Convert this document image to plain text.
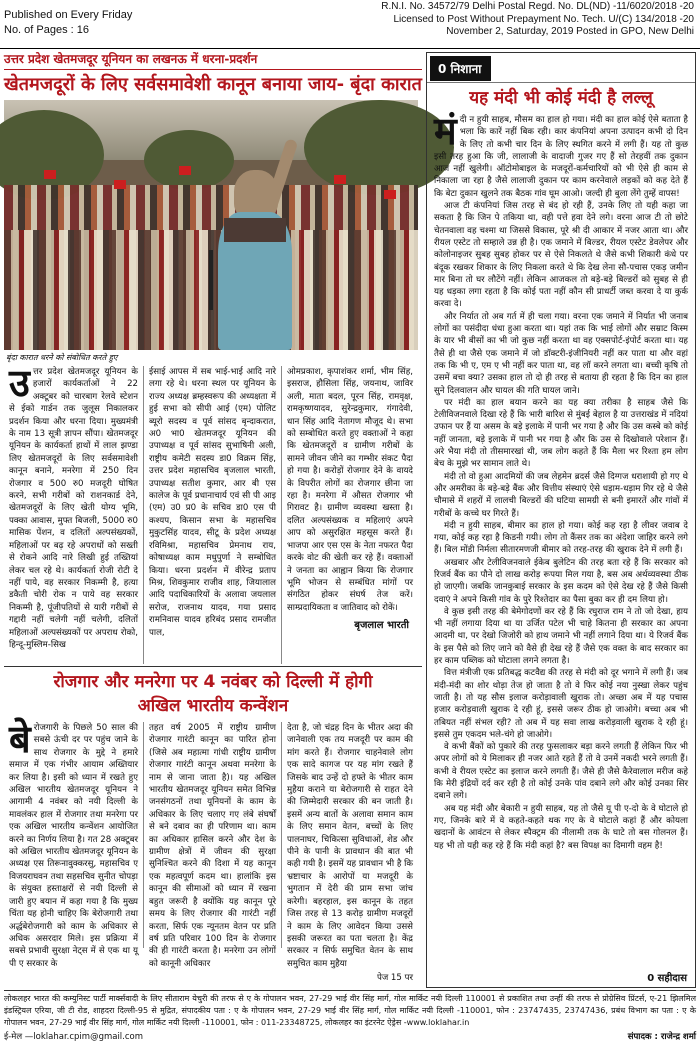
Published on Every Friday
No. of Pages : 16
R.N.I. No. 34572/79 Delhi Postal Regd. No. DL(ND) -11/6020/2018 -20
Licensed to Post Without Prepayment No. Tech. U/(C) 134/2018 -20
November 2, Saturday, 2019 Posted in GPO, New Delhi
उत्तर प्रदेश खेतमजदूर यूनियन का लखनऊ में धरना-प्रदर्शन
खेतमजदूरों के लिए सर्वसमावेशी कानून बनाया जाय- बृंदा कारात
बृंदा कारात धरने को संबोधित करते हुए
उत्तर प्रदेश खेतमजदूर यूनियन के हजारों कार्यकर्ताओं ने 22 अक्टूबर को चारबाग रेलवे स्टेशन से ईको गार्डन तक जुलूस निकालकर प्रदर्शन किया और धरना दिया। मुख्यमंत्री के नाम 13 सूत्री ज्ञापन सौंपा। खेतमजदूर यूनियन के कार्यकर्ता हाथों में लाल झण्डा लिए खेतमजदूरों के लिए सर्वसमावेशी कानून बनाने, मनरेगा में 250 दिन रोजगार व 500 रु0 मजदूरी घोषित करने, सभी गरीबों को राशनकार्ड देने, खेतमजदूरों के लिए खेती योग्य भूमि, पक्का आवास, मुफ्त बिजली, 5000 रु0 मासिक पेंशन, व दलितों अल्पसंख्यकों, महिलाओं पर बढ़ रहे अपराधों को सख्ती से रोकने आदि नारे लिखी हुई तख्तियां लेकर चल रहे थे। कार्यकर्ता रोजी रोटी दे नहीं पाये, वह सरकार निकम्मी है, हत्या डकैती चोरी रोक न पाये वह सरकार निकम्मी है, पूंजीपतियों से यारी गरीबों से गद्दारी नहीं चलेगी नहीं चलेगी, दलितों महिलाओं अल्पसंख्यकों पर अपराध रोको, हिन्दू-मुस्लिम-सिख
ईसाई आपस में सब भाई-भाई आदि नारे लगा रहे थे। धरना स्थल पर यूनियन के राज्य अध्यक्ष ब्रम्हस्वरूप की अध्यक्षता में हुई सभा को सीपी आई (एम) पोलिट ब्यूरो सदस्य व पूर्व सांसद बृन्दाकरात, अ0 भा0 खेतमजदूर यूनियन की उपाध्यक्ष व पूर्व सांसद सुभाषिनी अली, राष्ट्रीय कमेटी सदस्य डा0 विक्रम सिंह, उत्तर प्रदेश महासचिव बृजलाल भारती, उपाध्यक्ष सतीश कुमार, आर बी एस कालेज के पूर्व प्रधानाचार्य एवं सी पी आइ (एम) उ0 प्र0 के सचिव डा0 एस पी कश्यप, किसान सभा के महासचिव मुकुटसिंह यादव, सीटू के प्रदेश अध्यक्ष रविमिश्रा, महासचिव प्रेमनाथ राय, कोषाध्यक्ष काम मधुपुर्णा ने सम्बोधित किया। धरना प्रदर्शन में वीरेन्द्र प्रताप मिश्र, शिवकुमार राजीव शाह, जियालाल आदि पदाधिकारियों के अलावा जयलाल सरोज, राजनाथ यादव, गया प्रसाद रामनिवास यादव हरिबंद प्रसाद रामजीत पाल,
ओमप्रकाश, कृपाशंकर शर्मा, भीम सिंह, इसराज, हौसिला सिंह, जयनाथ, जाविर अली, माता बदल, पूरन सिंह, रामवृक्ष, रामकृष्णयादव, सुरेन्द्रकुमार, गंगादेवी, धान सिंह आदि नेतागण मौजूद थे। सभा को सम्बोधित करते हुए वक्ताओं ने कहा कि खेतमजदूरों व ग्रामीण गरीबों के सामने जीवन जीने का गम्भीर संकट पैदा हो गया है। करोड़ों रोजगार देने के वायदे के विपरीत लोगों का रोजगार छीना जा रहा है। मनरेगा में औसत रोजगार भी गिरावट है। ग्रामीण व्यवस्था खस्ता है। दलित अल्पसंख्यक व महिलाएं अपने आप को असुरक्षित महसूस करते हैं। भाजपा आर एस एस के नेता नफरत पैदा करके वोट की खेती कर रहे हैं। वक्ताओं ने जनता का आह्वान किया कि रोजगार भूमि भोजन से सम्बंधित मांगों पर संगठित होकर संघर्ष तेज करें। साम्प्रदायिकता व जातिवाद को रोकें।
बृजलाल भारती
रोजगार और मनरेगा पर 4 नवंबर को दिल्ली में होगी
अखिल भारतीय कन्वेंशन
बेरोजगारी के पिछले 50 साल की सबसे ऊंची दर पर पहुंच जाने के साथ रोजगार के मुद्दे ने हमारे समाज में एक गंभीर आयाम अख्तियार कर लिया है। इसी को ध्यान में रखते हुए अखिल भारतीय खेतमजदूर यूनियन ने आगामी 4 नवंबर को नयी दिल्ली के मावलंकर हाल में रोजगार तथा मनरेगा पर एक अखिल भारतीय कन्वेंशन आयोजित करने का निर्णय लिया है। गत 28 अक्टूबर को अखिल भारतीय खेतमजदूर यूनियन के अध्यक्ष एस तिरूनावुक्करसु, महासचिव ए विजयराघवन तथा सहसचिव सुनीत चोपड़ा के संयुक्त हस्ताक्षरों से नयी दिल्ली से जारी हुए बयान में कहा गया है कि मुख्य चिंता यह होनी चाहिए कि बेरोजगारी तथा अर्द्धबेरोजगारी को काम के अधिकार से अधिक असरदार मिले। इस प्रक्रिया में सबसे प्रभावी सुरक्षा नेट्स में से एक था यू पी ए सरकार के
तहत वर्ष 2005 में राष्ट्रीय ग्रामीण रोजगार गारंटी कानून का पारित होना (जिसे अब महात्मा गांधी राष्ट्रीय ग्रामीण रोजगार गारंटी कानून अथवा मनरेगा के नाम से जाना जाता है)। यह अखिल भारतीय खेतमजदूर यूनियन समेत विभिन्न जनसंगठनों तथा यूनियनों के काम के अधिकार के लिए चलाए गए लंबे संघर्षों से बने दबाव का ही परिणाम था। काम का अधिकार हासिल करने और देश के ग्रामीण क्षेत्रों में जीवन की सुरक्षा सुनिश्चित करने की दिशा में यह कानून एक महत्वपूर्ण कदम था। हालांकि इस कानून की सीमाओं को ध्यान में रखना बहुत जरूरी है क्योंकि यह कानून पूरे समय के लिए रोजगार की गारंटी नहीं करता, सिर्फ एक न्यूनतम वेतन पर प्रति वर्ष प्रति परिवार 100 दिन के रोजगार की ही गारंटी करता है। मनरेगा उन लोगों को कानूनी अधिकार
देता है, जो चंद्रह दिन के भीतर अदा की जानेवाली एक तय मजदूरी पर काम की मांग करते हैं। रोजगार चाहनेवाले लोग एक सादे कागज पर यह मांग रखते हैं जिसके बाद उन्हें दो हफ्ते के भीतर काम मुहैया कराने या बेरोजगारी से राहत देने की जिम्मेदारी सरकार की बन जाती है। इसमें अन्य बातों के अलावा समान काम के लिए समान वेतन, बच्चों के लिए पालनाघर, चिकित्सा सुविधाओं, शेड और पीने के पानी के प्रावधान की बात भी कही गयी है। इसमें यह प्रावधान भी है कि भ्रष्टाचार के आरोपों या मजदूरी के भुगतान में देरी की प्राम सभा जांच करेगी। बहरहाल, इस कानून के तहत जिस तरह से 13 करोड़ ग्रामीण मजदूरों ने काम के लिए आवेदन किया उससे इसकी जरूरत का पता चलता है। केंद्र सरकार न सिर्फ समुचित वेतन के साथ समुचित काम मुहैया
पेज 15 पर
0 निशाना
यह मंदी भी कोई मंदी है लल्लू

मंदी न हुयी साहब, मौसम का हाल हो गया। मंदी का हाल कोई ऐसे बताता है भला कि कारें नहीं बिक रही। कार कंपनियां अपना उत्पादन कभी दो दिन के लिए तो कभी चार दिन के लिए स्थगित करने में लगी हैं। यह तो कुछ इसी तरह हुआ कि जी, लालाजी के वादाजी गुजर गए हैं सो तेरहवीं तक दुकान आज नहीं खुलेगी। ऑटोमोबाइल के मजदूरों-कर्मचारियों को भी ऐसे ही काम से निकाला जा रहा है जैसे लालाजी दुकान पर काम करनेवाले लड़कों को कह देते हैं कि बेटा दुकान खुलने तक बैठक गांव घूम आओ। जल्दी ही बुला लेंगे तुम्हें वापस!

आज टी कंपनियां जिस तरह से बंद हो रही हैं, उनके लिए तो यही कहा जा सकता है कि जिन पे तकिया था, वही पत्ते हवा देने लगे। वरना आज टी तो छोटे चेतनवाला वह चश्मा था जिससे विकास, पूरे श्री दी आकार में नजर आता था। और रीयल एस्टेट तो सम्हाले उन्न ही है। एक जमाने में बिल्डर, रीयल एस्टेट डेवलेपर और कोलोनाइजर सुबह सुबह होकर पर से ऐसे निकलते थे जैसे कभी शिकारी कंधे पर बंदूक रखकर शिकार के लिए निकला करते थे कि देख लेना सौ-पचास एकड़ जमीन मार बिना तो घर लौटेंगे नहीं। लेकिन आजकल तो बड़े-बड़े बिल्डरों को सुबह से ही यह धड़का लगा रहता है कि कोई पता नहीं कौन सी प्राधर्टी जब्त करवा दे या कुर्क करवा दे।

और निर्यात तो अब गर्त में ही चला गया। वरना एक जमाने में निर्यात भी जनाब लोगों का पसंदीदा धंधा हुआ करता था। यहां तक कि भाई लोगों और सम्राट किस्म के यार भी बीसों का भी जो कुछ नहीं करता था वह एक्सपोर्ट-इंपोर्ट करता था। यह तैसे ही था जैसे एक जमाने में जो डॉक्टरी-इंजीनियरी नहीं कर पाता था और वहां तक कि भी ए, एम ए भी नहीं कर पाता था, वह लॉ करने लगता था। बच्ची कृषि तो उसमें बचा क्या? उसका हाल तो दो ही तरह से बताया ही रहता है कि दिन का हाल सुने दिलवालन और घायल की गति घायल जाने।

पर मंदी का हाल बयान करने का यह क्या तरीका है साहब जैसे कि टेलीविजनवाले दिखा रहे हैं कि भारी बारिश से मुंबई बेहाल है या उत्तराखंड में नदियां उफान पर हैं या असम के बड़े इलाके में पानी भर गया है और कि उस कस्बे को कोई नहीं जानता, बड़े इलाके में पानी भर गया है और कि उस से दिखोवाले परेशान हैं। अरे भैया मंदी तो तीसमारखां थी, जब लोग कहते हैं कि मैला भर रिश्ता हम लोग बेच के मुझे भर सामान लाते थे।

मंदी तो वो हुआ आदमियों की जब लेहमेन ब्रदर्स जैसे दिग्गज धराशायी हो गए थे और अमरीका के बड़े-बड़े बैंक और वित्तीय संस्थाएं ऐसे धड़ाम-धड़ाम गिर रहे थे जैसे चौमासे में शहरों में लालची बिल्डरों की घटिया सामग्री से बनी इमारतें और गांवों में गरीबों के कच्चे घर गिरते हैं।

मंदी न हुयी साहब, बीमार का हाल हो गया। कोई कह रहा है लीवर जवाब दे गया, कोई कह रहा है किडनी गयी। लोग तो कैंसर तक का अंदेशा जाहिर करने लगे हैं। बिल मोंडी निर्मला सीतारमणजी बीमार को तरह-तरह की खुराक देने में लगी हैं।

अखबार और टेलीविजनवाले ईकेब बुलेटिन की तरह बता रहे हैं कि सरकार को रिजर्व बैंक का पौने दो लाख करोड़ रूपया मिल गया है, बस अब अर्थव्यवस्था ठीक हो जाएगी। जबकि जानकुबाई सरकार के इस कदम को ऐसे देख रहे हैं जैसे किसी दवाएं ने अपने किसी गांव के पुरे रिश्तेदार का पैसा बुका कर ही दम लिया हो।

वे कुछ इसी तरह की बेमेगोदणों कर रहे हैं कि रघुराज राम ने तो जो देखा, हाय भी नहीं लगाया दिया था या उर्जित पटेल भी चाहे कितना ही सरकार का अपना आदमी था, पर देखो जिजोरी को हाथ जमाने भी नहीं लगाने दिया था। ये रिजर्व बैंक के इस पैसे को लिए जाने को वैसे ही देख रहे हैं जैसे एक वक्त के बाद सरकार का हर काम पब्लिक को घोटाला लगने लगता है।

वित्त मंत्रीजी एक प्रतिबद्ध कटवैद्य की तरह से मंदी को दूर भगाने में लगी हैं। जब मंदी-मंदी का शोर थोड़ा तेज हो जाता है तो वे फिर कोई नया नुस्खा लेकर पहुंच जाती है। तो यह सौस इलाज करोड़ावाली खुराक तो। अच्छा अब में यह पचास हजार करोड़वाली खुराक दे रही हूं, इससे जरूर ठीक हो जाओगे। बच्चा अब भी तबियत नहीं संभल रही? तो अब में यह सवा लाख करोड़वाली खुराक दे रही हूं। इससे तुम एकदम भले-चंगे हो जाओगे।

वे कभी बैंकों को पुकारे की तरह फुसलाकर बड़ा करने लगती हैं लेकिन फिर भी अपर लोगों को ये मिलाकर ही नजर आते रहते हैं तो वे उनमें नकदी भरने लगती हैं। कभी वे रीयल एस्टेट का इलाज करने लगती हैं। जैसे ही जैसे कैरेवालाल मरीज कहे कि मेरी इंद्रियों दर्द कर रही है तो कोई उनके पांव दबाने लगे और कोई उनका सिर दबाने लगे।

अब यह मंदी और बेकारी न हुयी साहब, यह तो जैसे यू पी ए-दो के वे घोटाले हो गए, जिनके बारे में वे कहते-कहते थक गए के वे घोटाले कहां हैं और कोयला खदानों के आवंटन से लेकर स्पैक्ट्रम की नीलामी तक के घाटे तो बस गोलनल हैं। यह भी तो यही कह रहे हैं कि मंदी कहां है? बस विपक्ष का दिमागी वहम है!

0 सहीदास
लोकलहर भारत की कम्युनिस्ट पार्टी मार्क्सवादी के लिए सीताराम येचुरी की तरफ से ए के गोपालन भवन, 27-29 भाई वीर सिंह मार्ग, गोल मार्किट नयी दिल्ली 110001 से प्रकाशित तथा उन्हीं की तरफ से प्रोग्रेसिव प्रिंटर्स, ए-21 झिलमिल इंडस्ट्रियल एरिया, जी टी रोड, शाहदरा दिल्ली-95 से मुद्रित, संपादकीय पता : ए के गोपालन भवन, 27-29 भाई वीर सिंह मार्ग, गोल मार्किट नयी दिल्ली -110001, फोन : 23747435, 23747436, प्रबंध विभाग का पता : ए के गोपालन भवन, 27-29 भाई वीर सिंह मार्ग, गोल मार्किट नयी दिल्ली -110001, फोन : 011-23348725, लोकलहर का इंटरनेट ऐड्रेस -www.loklahar.in
ई-मेल —loklahar.cpim@gmail.com	संपादक : राजेन्द्र शर्मा
